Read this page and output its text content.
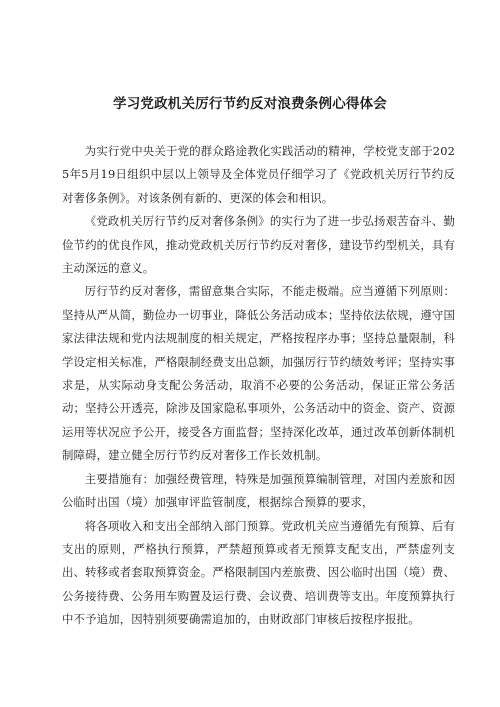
学习党政机关厉行节约反对浪费条例心得体会

为实行党中央关于党的群众路途教化实践活动的精神，学校党支部于2025年5月19日组织中层以上领导及全体党员仔细学习了《党政机关厉行节约反对奢侈条例》。对该条例有新的、更深的体会和相识。

《党政机关厉行节约反对奢侈条例》的实行为了进一步弘扬艰苦奋斗、勤俭节约的优良作风，推动党政机关厉行节约反对奢侈，建设节约型机关，具有主动深远的意义。

厉行节约反对奢侈，需留意集合实际，不能走极端。应当遵循下列原则：坚持从严从简，勤俭办一切事业，降低公务活动成本；坚持依法依规，遵守国家法律法规和党内法规制度的相关规定，严格按程序办事；坚持总量限制，科学设定相关标准，严格限制经费支出总额，加强厉行节约绩效考评；坚持实事求是，从实际动身支配公务活动，取消不必要的公务活动，保证正常公务活动；坚持公开透亮，除涉及国家隐私事项外，公务活动中的资金、资产、资源运用等状况应予公开，接受各方面监督；坚持深化改革，通过改革创新体制机制障碍，建立健全厉行节约反对奢侈工作长效机制。

主要措施有：加强经费管理，特殊是加强预算编制管理，对国内差旅和因公临时出国（境）加强审评监管制度，根据综合预算的要求，

将各项收入和支出全部纳入部门预算。党政机关应当遵循先有预算、后有支出的原则，严格执行预算，严禁超预算或者无预算支配支出，严禁虚列支出、转移或者套取预算资金。严格限制国内差旅费、因公临时出国（境）费、公务接待费、公务用车购置及运行费、会议费、培训费等支出。年度预算执行中不予追加，因特别须要确需追加的，由财政部门审核后按程序报批。
